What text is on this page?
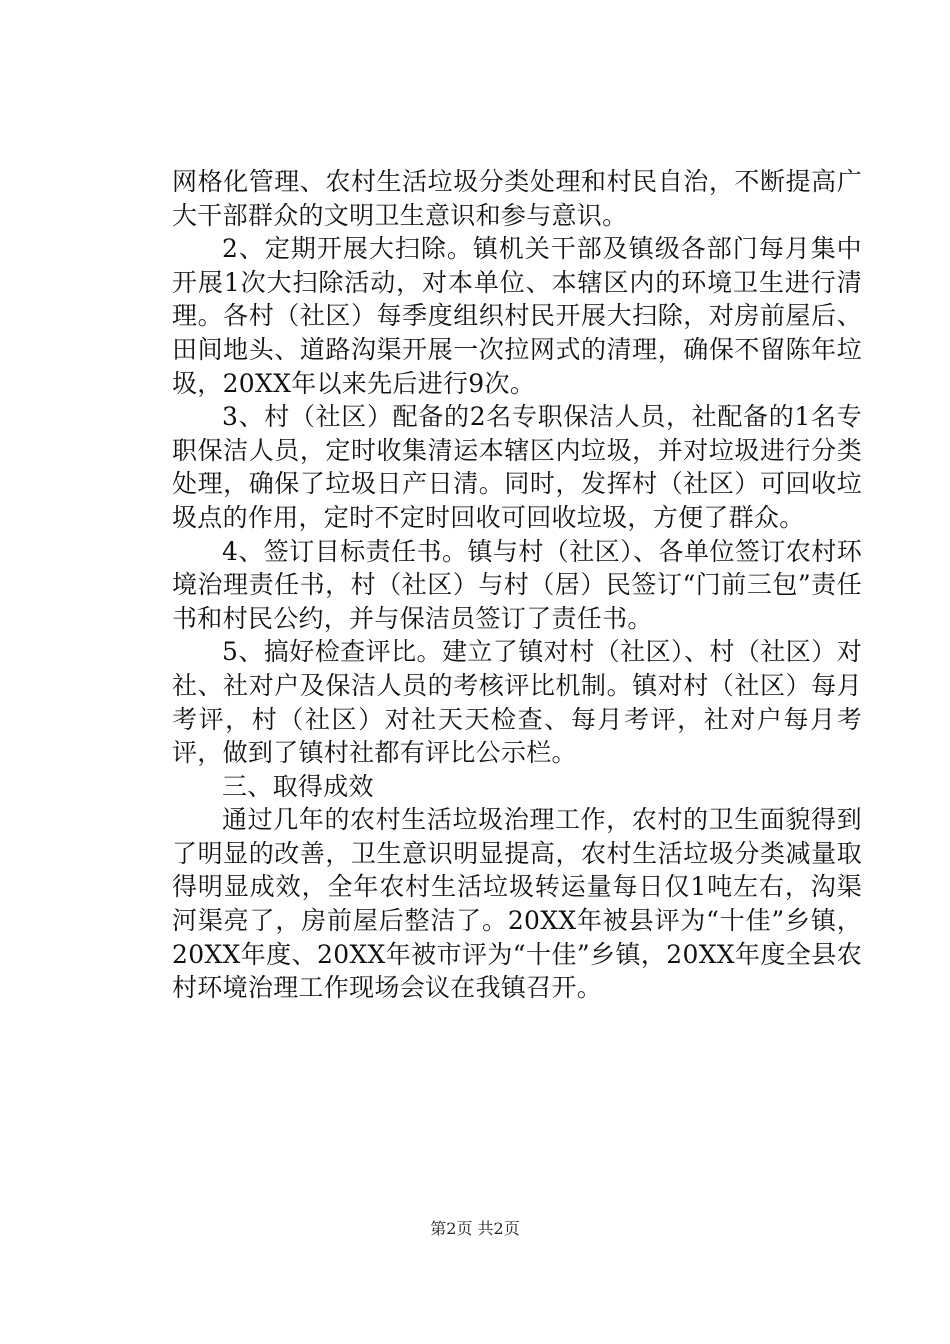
网格化管理、农村生活垃圾分类处理和村民自治，不断提高广大干部群众的文明卫生意识和参与意识。

2、定期开展大扫除。镇机关干部及镇级各部门每月集中开展1次大扫除活动，对本单位、本辖区内的环境卫生进行清理。各村（社区）每季度组织村民开展大扫除，对房前屋后、田间地头、道路沟渠开展一次拉网式的清理，确保不留陈年垃圾，20XX年以来先后进行9次。

3、村（社区）配备的2名专职保洁人员，社配备的1名专职保洁人员，定时收集清运本辖区内垃圾，并对垃圾进行分类处理，确保了垃圾日产日清。同时，发挥村（社区）可回收垃圾点的作用，定时不定时回收可回收垃圾，方便了群众。

4、签订目标责任书。镇与村（社区）、各单位签订农村环境治理责任书，村（社区）与村（居）民签订“门前三包”责任书和村民公约，并与保洁员签订了责任书。

5、搞好检查评比。建立了镇对村（社区）、村（社区）对社、社对户及保洁人员的考核评比机制。镇对村（社区）每月考评，村（社区）对社天天检查、每月考评，社对户每月考评，做到了镇村社都有评比公示栏。

三、取得成效

通过几年的农村生活垃圾治理工作，农村的卫生面貌得到了明显的改善，卫生意识明显提高，农村生活垃圾分类减量取得明显成效，全年农村生活垃圾转运量每日仅1吨左右，沟渠河渠亮了，房前屋后整洁了。20XX年被县评为“十佳”乡镇，20XX年度、20XX年被市评为“十佳”乡镇，20XX年度全县农村环境治理工作现场会议在我镇召开。

第2页 共2页
